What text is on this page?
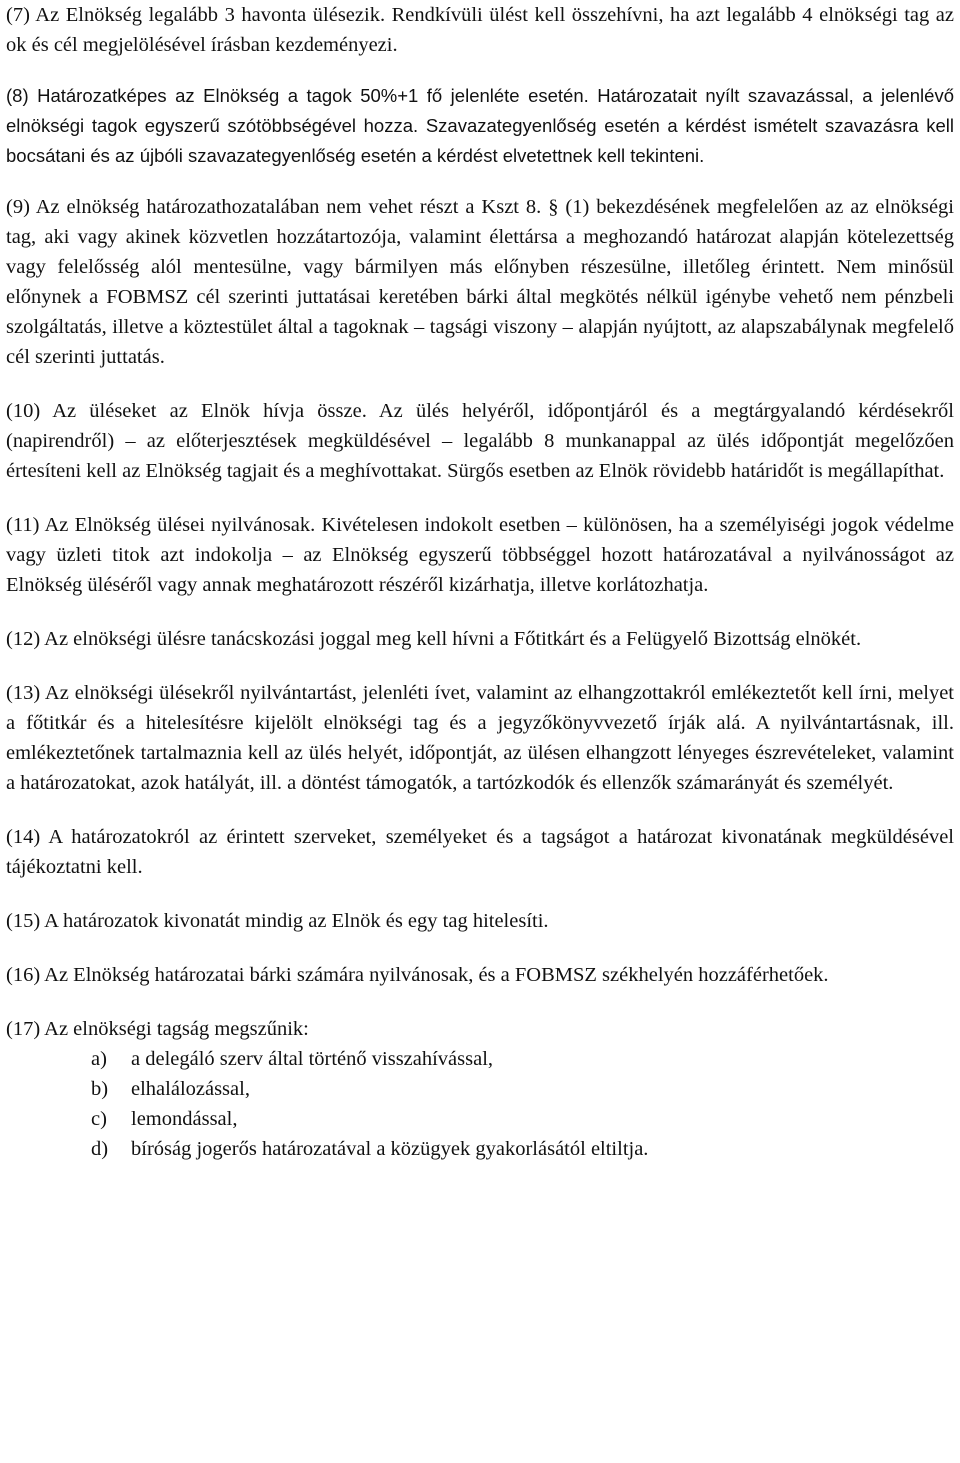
(7) Az Elnökség legalább 3 havonta ülésezik. Rendkívüli ülést kell összehívni, ha azt legalább 4 elnökségi tag az ok és cél megjelölésével írásban kezdeményezi.

(8) Határozatképes az Elnökség a tagok 50%+1 fő jelenléte esetén. Határozatait nyílt szavazással, a jelenlévő elnökségi tagok egyszerű szótöbbségével hozza. Szavazategyenlőség esetén a kérdést ismételt szavazásra kell bocsátani és az újbóli szavazategyenlőség esetén a kérdést elvetettnek kell tekinteni.

(9) Az elnökség határozathozatalában nem vehet részt a Kszt 8. § (1) bekezdésének megfelelően az az elnökségi tag, aki vagy akinek közvetlen hozzátartozója, valamint élettársa a meghozandó határozat alapján kötelezettség vagy felelősség alól mentesülne, vagy bármilyen más előnyben részesülne, illetőleg érintett. Nem minősül előnynek a FOBMSZ cél szerinti juttatásai keretében bárki által megkötés nélkül igénybe vehető nem pénzbeli szolgáltatás, illetve a köztestület által a tagoknak – tagsági viszony – alapján nyújtott, az alapszabálynak megfelelő cél szerinti juttatás.

(10) Az üléseket az Elnök hívja össze. Az ülés helyéről, időpontjáról és a megtárgyalandó kérdésekről (napirendről) – az előterjesztések megküldésével – legalább 8 munkanappal az ülés időpontját megelőzően értesíteni kell az Elnökség tagjait és a meghívottakat. Sürgős esetben az Elnök rövidebb határidőt is megállapíthat.

(11) Az Elnökség ülései nyilvánosak. Kivételesen indokolt esetben – különösen, ha a személyiségi jogok védelme vagy üzleti titok azt indokolja – az Elnökség egyszerű többséggel hozott határozatával a nyilvánosságot az Elnökség üléséről vagy annak meghatározott részéről kizárhatja, illetve korlátozhatja.

(12) Az elnökségi ülésre tanácskozási joggal meg kell hívni a Főtitkárt és a Felügyelő Bizottság elnökét.

(13) Az elnökségi ülésekről nyilvántartást, jelenléti ívet, valamint az elhangzottakról emlékeztetőt kell írni, melyet a főtitkár és a hitelesítésre kijelölt elnökségi tag és a jegyzőkönyvvezető írják alá. A nyilvántartásnak, ill. emlékeztetőnek tartalmaznia kell az ülés helyét, időpontját, az ülésen elhangzott lényeges észrevételeket, valamint a határozatokat, azok hatályát, ill. a döntést támogatók, a tartózkodók és ellenzők számarányát és személyét.

(14) A határozatokról az érintett szerveket, személyeket és a tagságot a határozat kivonatának megküldésével tájékoztatni kell.

(15) A határozatok kivonatát mindig az Elnök és egy tag hitelesíti.

(16) Az Elnökség határozatai bárki számára nyilvánosak, és a FOBMSZ székhelyén hozzáférhetőek.

(17) Az elnökségi tagság megszűnik:

a)	a delegáló szerv által történő visszahívással,
b)	elhalálozással,
c)	lemondással,
d)	bíróság jogerős határozatával a közügyek gyakorlásától eltiltja.
